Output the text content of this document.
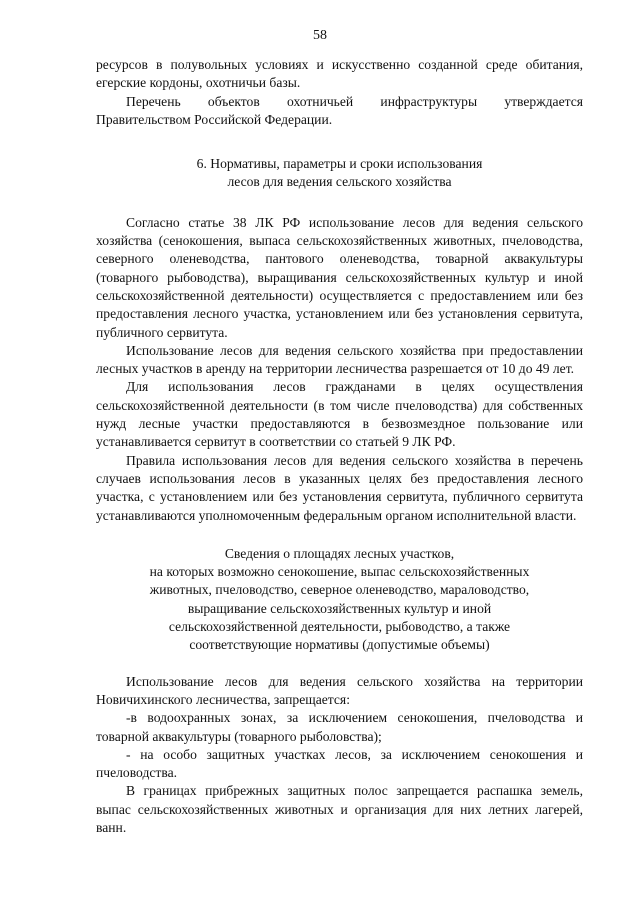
58

ресурсов в полувольных условиях и искусственно созданной среде обитания, егерские кордоны, охотничьи базы.

Перечень объектов охотничьей инфраструктуры утверждается Правительством Российской Федерации.

6. Нормативы, параметры и сроки использования

лесов для ведения сельского хозяйства

Согласно статье 38 ЛК РФ использование лесов для ведения сельского хозяйства (сенокошения, выпаса сельскохозяйственных животных, пчеловодства, северного оленеводства, пантового оленеводства, товарной аквакультуры (товарного рыбоводства), выращивания сельскохозяйственных культур и иной сельскохозяйственной деятельности) осуществляется с предоставлением или без предоставления лесного участка, установлением или без установления сервитута, публичного сервитута.

Использование лесов для ведения сельского хозяйства при предоставлении лесных участков в аренду на территории лесничества разрешается от 10 до 49 лет.

Для использования лесов гражданами в целях осуществления сельскохозяйственной деятельности (в том числе пчеловодства) для собственных нужд лесные участки предоставляются в безвозмездное пользование или устанавливается сервитут в соответствии со статьей 9 ЛК РФ.

Правила использования лесов для ведения сельского хозяйства в перечень случаев использования лесов в указанных целях без предоставления лесного участка, с установлением или без установления сервитута, публичного сервитута устанавливаются уполномоченным федеральным органом исполнительной власти.

Сведения о площадях лесных участков,

на которых возможно сенокошение, выпас сельскохозяйственных

животных, пчеловодство, северное оленеводство, мараловодство,

выращивание сельскохозяйственных культур и иной

сельскохозяйственной деятельности, рыбоводство, а также

соответствующие нормативы (допустимые объемы)

Использование лесов для ведения сельского хозяйства на территории Новичихинского лесничества, запрещается:

-в водоохранных зонах, за исключением сенокошения, пчеловодства и товарной аквакультуры (товарного рыболовства);

- на особо защитных участках лесов, за исключением сенокошения и пчеловодства.

В границах прибрежных защитных полос запрещается распашка земель, выпас сельскохозяйственных животных и организация для них летних лагерей, ванн.
